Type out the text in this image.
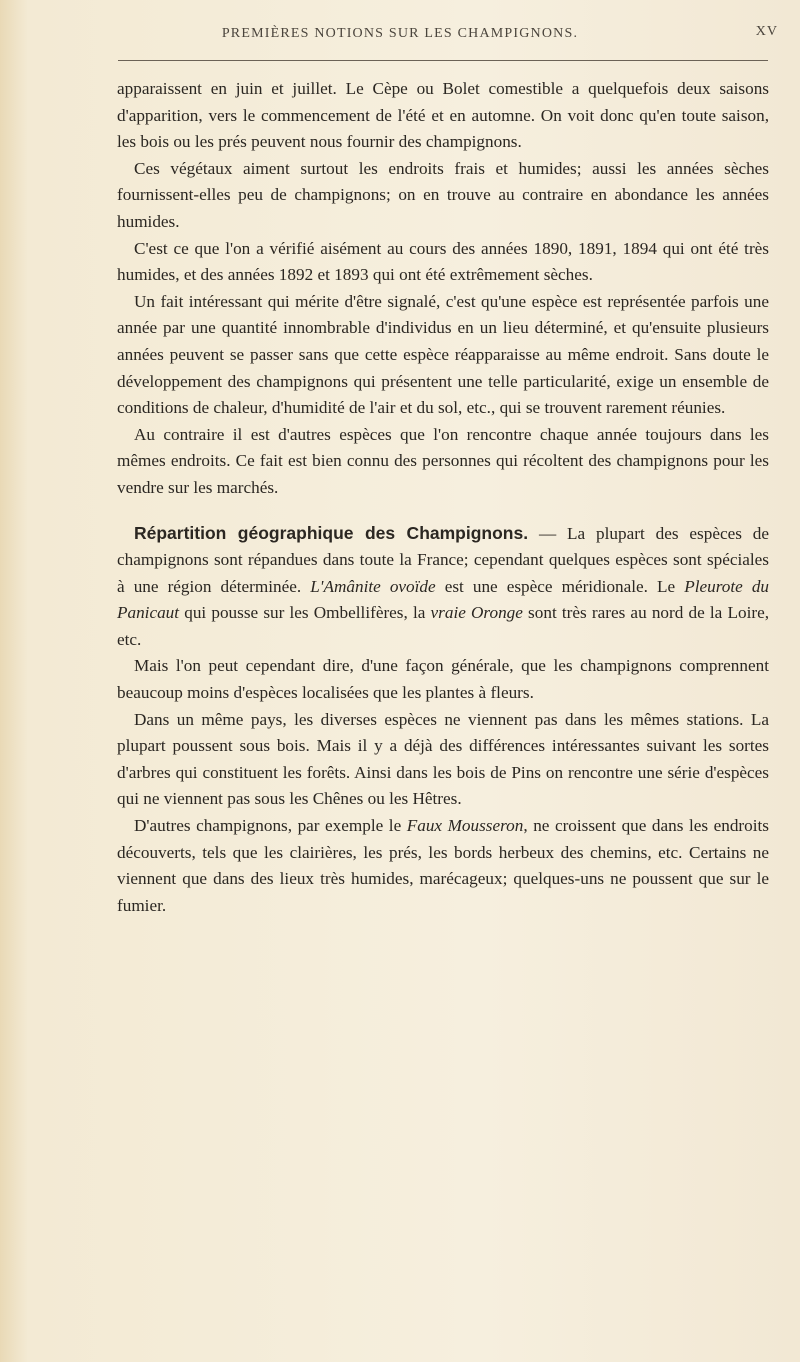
PREMIÈRES NOTIONS SUR LES CHAMPIGNONS.	XV

apparaissent en juin et juillet. Le Cèpe ou Bolet comestible a quelquefois deux saisons d'apparition, vers le commencement de l'été et en automne. On voit donc qu'en toute saison, les bois ou les prés peuvent nous fournir des champignons.

Ces végétaux aiment surtout les endroits frais et humides; aussi les années sèches fournissent-elles peu de champignons; on en trouve au contraire en abondance les années humides.

C'est ce que l'on a vérifié aisément au cours des années 1890, 1891, 1894 qui ont été très humides, et des années 1892 et 1893 qui ont été extrêmement sèches.

Un fait intéressant qui mérite d'être signalé, c'est qu'une espèce est représentée parfois une année par une quantité innombrable d'individus en un lieu déterminé, et qu'ensuite plusieurs années peuvent se passer sans que cette espèce réapparaisse au même endroit. Sans doute le développement des champignons qui présentent une telle particularité, exige un ensemble de conditions de chaleur, d'humidité de l'air et du sol, etc., qui se trouvent rarement réunies.

Au contraire il est d'autres espèces que l'on rencontre chaque année toujours dans les mêmes endroits. Ce fait est bien connu des personnes qui récoltent des champignons pour les vendre sur les marchés.

Répartition géographique des Champignons. — La plupart des espèces de champignons sont répandues dans toute la France; cependant quelques espèces sont spéciales à une région déterminée. L'Amânite ovoïde est une espèce méridionale. Le Pleurote du Panicaut qui pousse sur les Ombellifères, la vraie Oronge sont très rares au nord de la Loire, etc.

Mais l'on peut cependant dire, d'une façon générale, que les champignons comprennent beaucoup moins d'espèces localisées que les plantes à fleurs.

Dans un même pays, les diverses espèces ne viennent pas dans les mêmes stations. La plupart poussent sous bois. Mais il y a déjà des différences intéressantes suivant les sortes d'arbres qui constituent les forêts. Ainsi dans les bois de Pins on rencontre une série d'espèces qui ne viennent pas sous les Chênes ou les Hêtres.

D'autres champignons, par exemple le Faux Mousseron, ne croissent que dans les endroits découverts, tels que les clairières, les prés, les bords herbeux des chemins, etc. Certains ne viennent que dans des lieux très humides, marécageux; quelques-uns ne poussent que sur le fumier.
